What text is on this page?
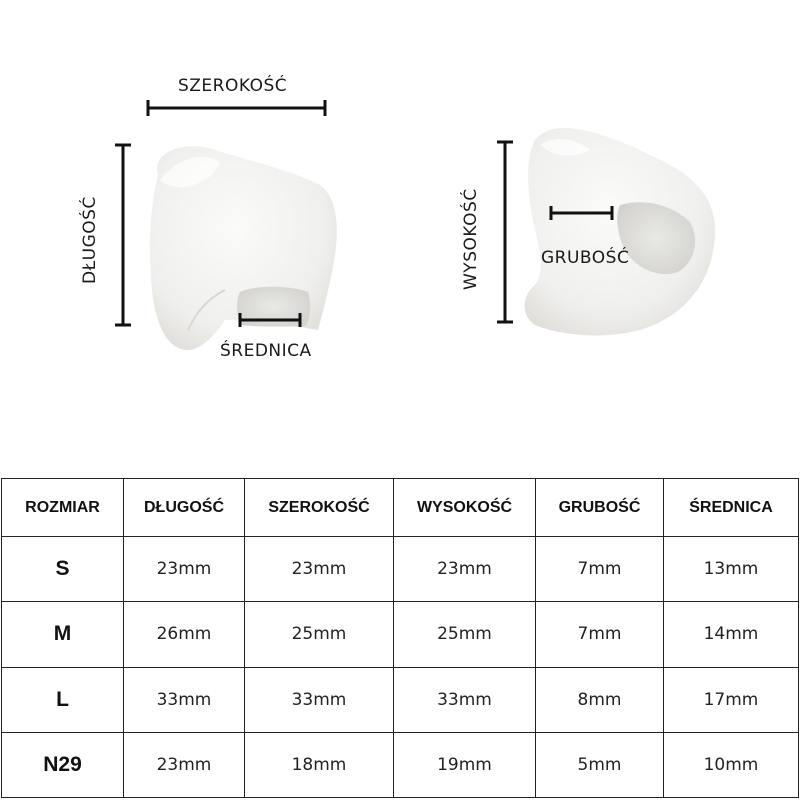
SZEROKOŚĆ
DŁUGOŚĆ
ŚREDNICA
WYSOKOŚĆ	GRUBOŚĆ
ROZMIAR	DŁUGOŚĆ	SZEROKOŚĆ	WYSOKOŚĆ	GRUBOŚĆ	ŚREDNICA
S	23mm	23mm	23mm	7mm	13mm
M	26mm	25mm	25mm	7mm	14mm
L	33mm	33mm	33mm	8mm	17mm
N29	23mm	18mm	19mm	5mm	10mm
